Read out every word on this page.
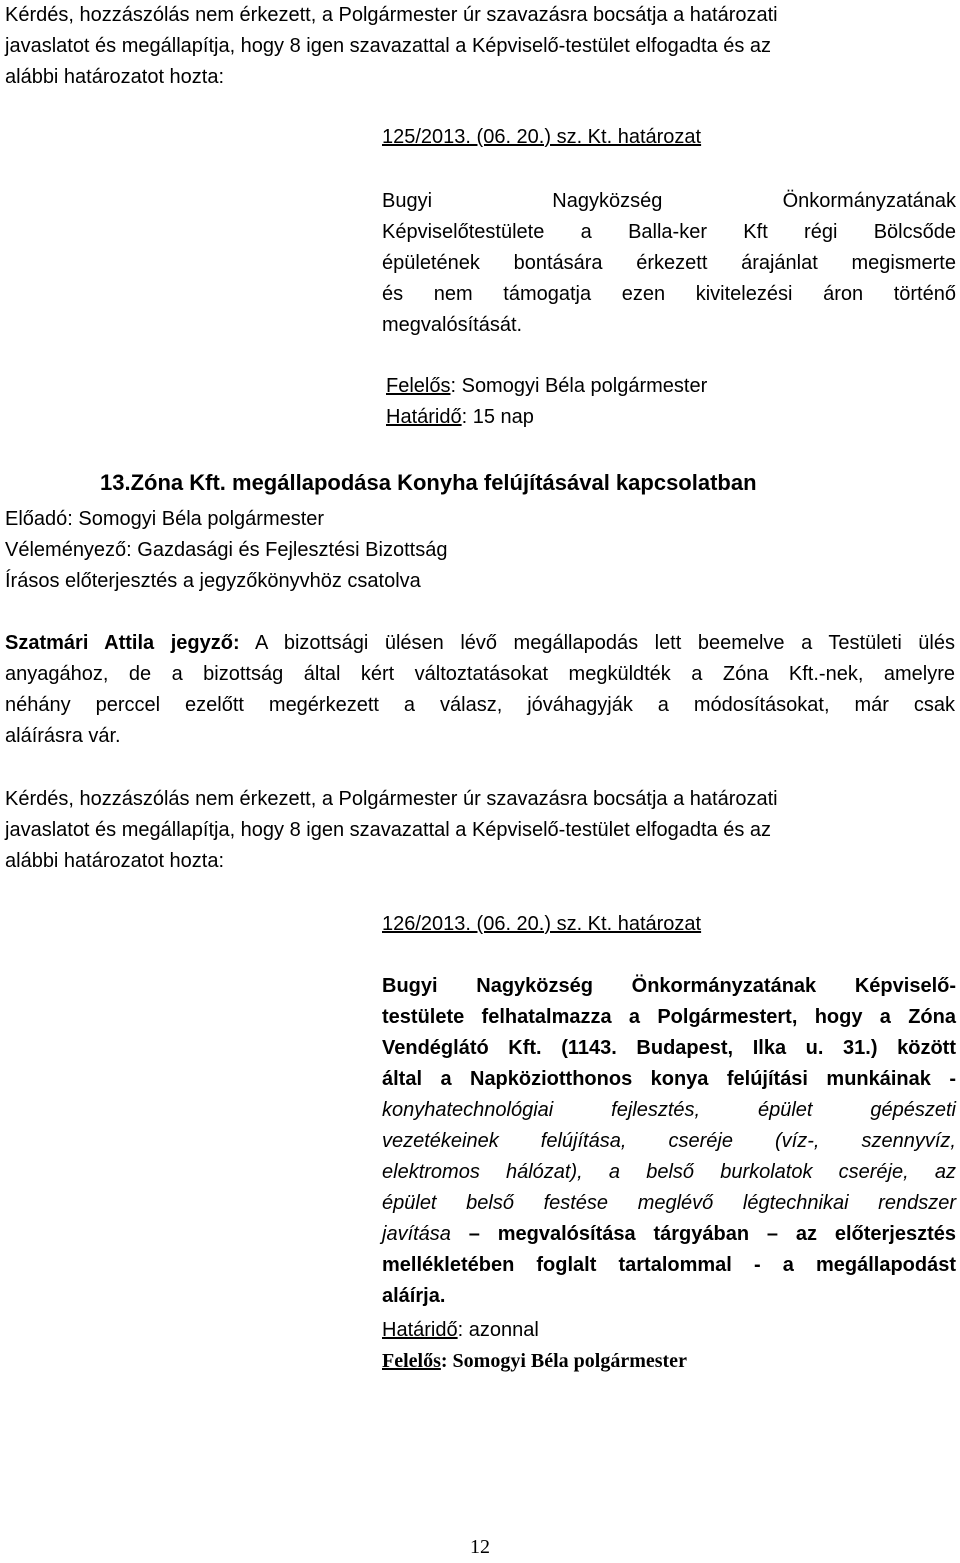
Kérdés, hozzászólás nem érkezett, a Polgármester úr szavazásra bocsátja a határozati
javaslatot és megállapítja, hogy 8 igen szavazattal a Képviselő-testület elfogadta és az
alábbi határozatot hozta:
125/2013. (06. 20.) sz. Kt. határozat
Bugyi Nagyközség Önkormányzatának
Képviselőtestülete a Balla-ker Kft régi Bölcsőde
épületének bontására érkezett árajánlat megismerte
és nem támogatja ezen kivitelezési áron történő
megvalósítását.
Felelős: Somogyi Béla polgármester
Határidő: 15 nap
13.Zóna Kft. megállapodása Konyha felújításával kapcsolatban
Előadó: Somogyi Béla polgármester
Véleményező: Gazdasági és Fejlesztési Bizottság
Írásos előterjesztés a jegyzőkönyvhöz csatolva
Szatmári Attila jegyző: A bizottsági ülésen lévő megállapodás lett beemelve a Testületi ülés
anyagához, de a bizottság által kért változtatásokat megküldték a Zóna Kft.-nek, amelyre
néhány perccel ezelőtt megérkezett a válasz, jóváhagyják a módosításokat, már csak
aláírásra vár.
Kérdés, hozzászólás nem érkezett, a Polgármester úr szavazásra bocsátja a határozati
javaslatot és megállapítja, hogy 8 igen szavazattal a Képviselő-testület elfogadta és az
alábbi határozatot hozta:
126/2013. (06. 20.) sz. Kt. határozat
Bugyi Nagyközség Önkormányzatának Képviselő-
testülete felhatalmazza a Polgármestert, hogy a Zóna
Vendéglátó Kft. (1143. Budapest, Ilka u. 31.) között
által a Napköziotthonos konya felújítási munkáinak -
konyhatechnológiai fejlesztés, épület gépészeti
vezetékeinek felújítása, cseréje (víz-, szennyvíz,
elektromos hálózat), a belső burkolatok cseréje, az
épület belső festése meglévő légtechnikai rendszer
javítása – megvalósítása tárgyában – az előterjesztés
mellékletében foglalt tartalommal - a megállapodást
aláírja.
Határidő: azonnal
Felelős: Somogyi Béla polgármester
12
